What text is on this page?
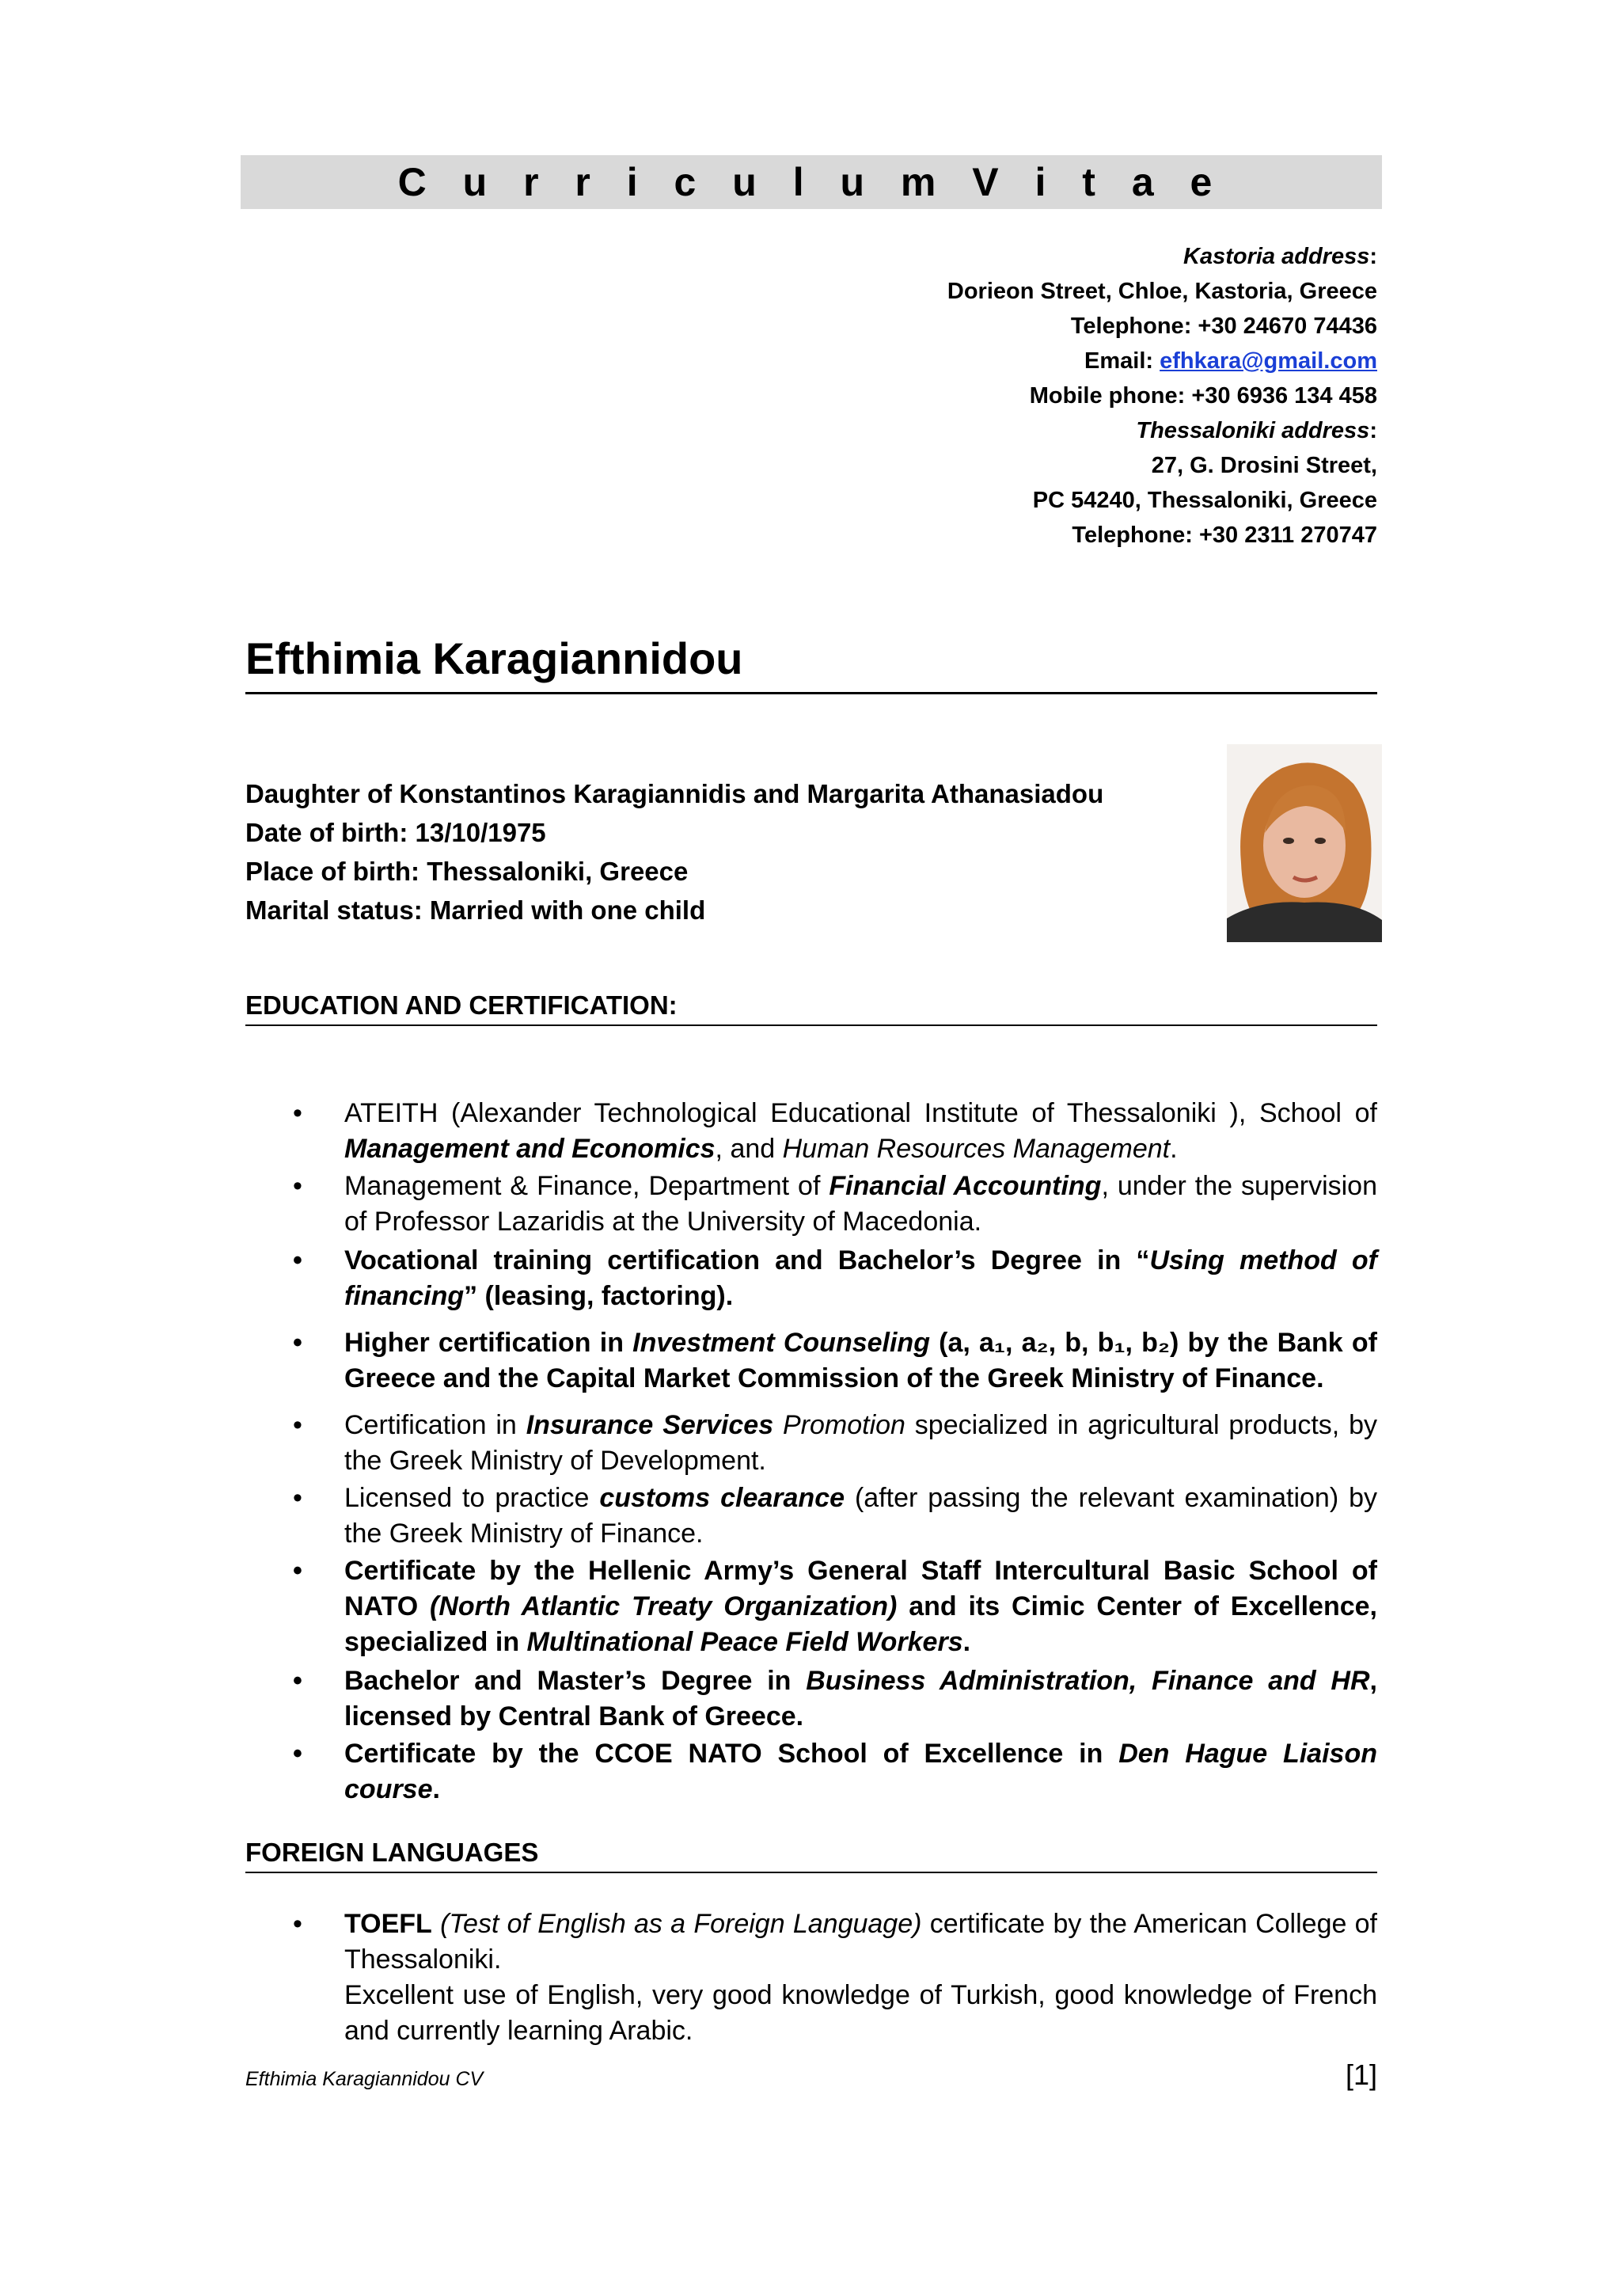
C u r r i c u l u m V i t a e
Kastoria address:
Dorieon Street, Chloe, Kastoria, Greece
Telephone: +30 24670 74436
Email: efhkara@gmail.com
Mobile phone: +30 6936 134 458
Thessaloniki address:
27, G. Drosini Street,
PC 54240, Thessaloniki, Greece
Telephone: +30 2311 270747
Efthimia Karagiannidou
Daughter of Konstantinos Karagiannidis and Margarita Athanasiadou
Date of birth: 13/10/1975
Place of birth: Thessaloniki, Greece
Marital status: Married with one child
EDUCATION AND CERTIFICATION:
• ATEITH (Alexander Technological Educational Institute of Thessaloniki ), School of Management and Economics, and Human Resources Management.
• Management & Finance, Department of Financial Accounting, under the supervision of Professor Lazaridis at the University of Macedonia.
• Vocational training certification and Bachelor’s Degree in “Using method of financing” (leasing, factoring).
• Higher certification in Investment Counseling (a, a₁, a₂, b, b₁, b₂) by the Bank of Greece and the Capital Market Commission of the Greek Ministry of Finance.
• Certification in Insurance Services Promotion specialized in agricultural products, by the Greek Ministry of Development.
• Licensed to practice customs clearance (after passing the relevant examination) by the Greek Ministry of Finance.
• Certificate by the Hellenic Army’s General Staff Intercultural Basic School of NATO (North Atlantic Treaty Organization) and its Cimic Center of Excellence, specialized in Multinational Peace Field Workers.
• Bachelor and Master’s Degree in Business Administration, Finance and HR, licensed by Central Bank of Greece.
• Certificate by the CCOE NATO School of Excellence in Den Hague Liaison course.
FOREIGN LANGUAGES
• TOEFL (Test of English as a Foreign Language) certificate by the American College of Thessaloniki.
Excellent use of English, very good knowledge of Turkish, good knowledge of French and currently learning Arabic.
Efthimia Karagiannidou CV	[1]
